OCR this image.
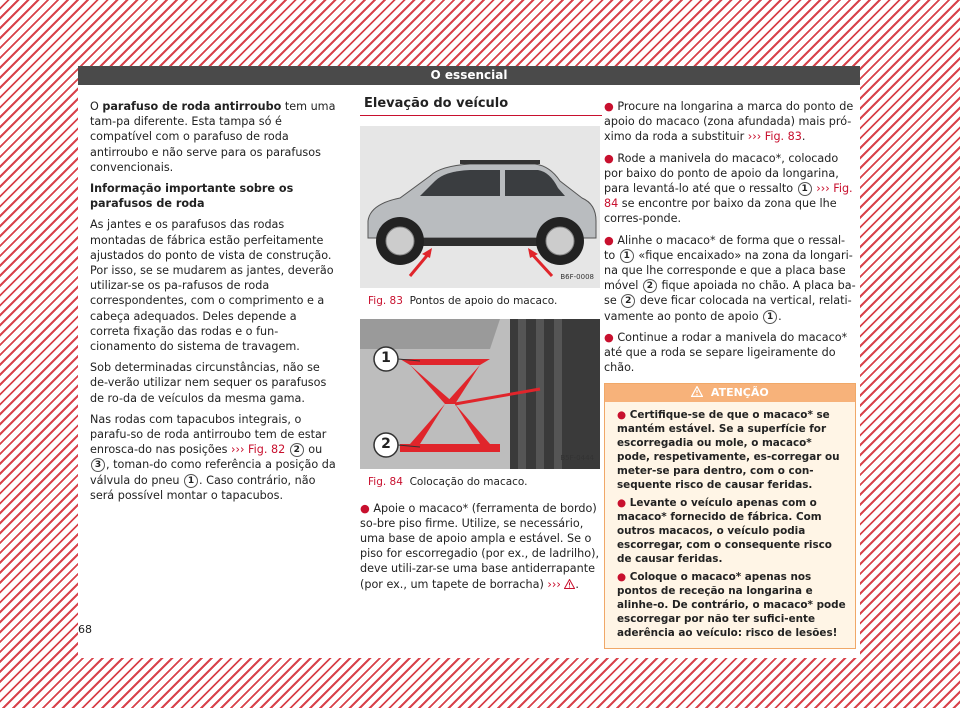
O essencial

O parafuso de roda antirroubo tem uma tam-pa diferente. Esta tampa só é compatível com o parafuso de roda antirroubo e não serve para os parafusos convencionais.

Informação importante sobre os parafusos de roda

As jantes e os parafusos das rodas montadas de fábrica estão perfeitamente ajustados do ponto de vista de construção. Por isso, se se mudarem as jantes, deverão utilizar-se os pa-rafusos de roda correspondentes, com o comprimento e a cabeça adequados. Deles depende a correta fixação das rodas e o fun-cionamento do sistema de travagem.

Sob determinadas circunstâncias, não se de-verão utilizar nem sequer os parafusos de ro-da de veículos da mesma gama.

Nas rodas com tapacubos integrais, o parafu-so de roda antirroubo tem de estar enrosca-do nas posições ››› Fig. 82 2 ou 3 , toman-do como referência a posição da válvula do pneu 1 . Caso contrário, não será possível montar o tapacubos.

Elevação do veículo
B6F-0008
Fig. 83 Pontos de apoio do macaco.
1
2
B5F-0444
Fig. 84 Colocação do macaco.

● Apoie o macaco* (ferramenta de bordo) so-bre piso firme. Utilize, se necessário, uma base de apoio ampla e estável. Se o piso for escorregadio (por ex., de ladrilho), deve utili-zar-se uma base antiderrapante (por ex., um tapete de borracha) ››› .

● Procure na longarina a marca do ponto de apoio do macaco (zona afundada) mais pró-ximo da roda a substituir ››› Fig. 83.

● Rode a manivela do macaco*, colocado por baixo do ponto de apoio da longarina, para levantá-lo até que o ressalto 1 ››› Fig. 84 se encontre por baixo da zona que lhe corres-ponde.

● Alinhe o macaco* de forma que o ressal-to 1 «fique encaixado» na zona da longari-na que lhe corresponde e que a placa base móvel 2 fique apoiada no chão. A placa ba-se 2 deve ficar colocada na vertical, relati-vamente ao ponto de apoio 1 .

● Continue a rodar a manivela do macaco* até que a roda se separe ligeiramente do chão.

ATENÇÃO

● Certifique-se de que o macaco* se mantém estável. Se a superfície for escorregadia ou mole, o macaco* pode, respetivamente, es-corregar ou meter-se para dentro, com o con-sequente risco de causar feridas.

● Levante o veículo apenas com o macaco* fornecido de fábrica. Com outros macacos, o veículo podia escorregar, com o consequente risco de causar feridas.

● Coloque o macaco* apenas nos pontos de receção na longarina e alinhe-o. De contrário, o macaco* pode escorregar por não ter sufici-ente aderência ao veículo: risco de lesões!

68
